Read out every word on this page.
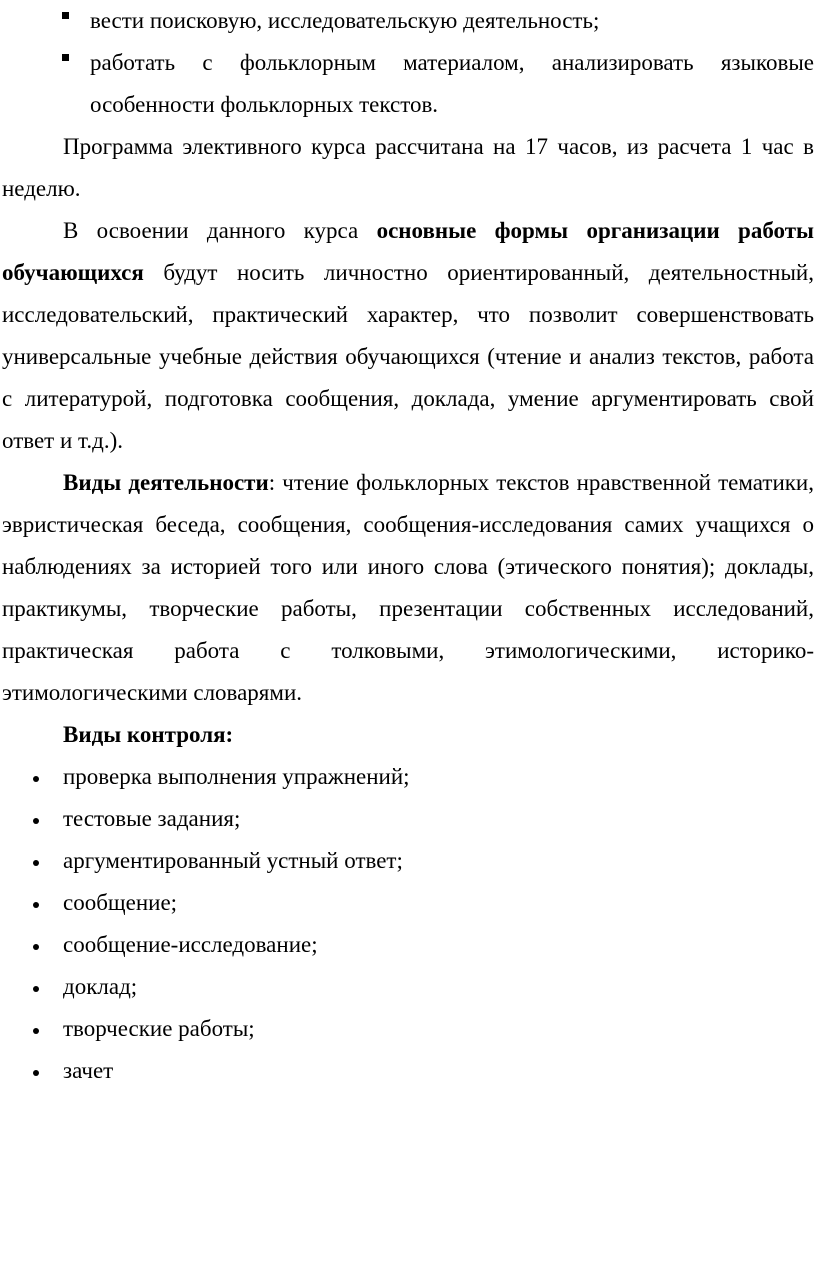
вести поисковую, исследовательскую деятельность;
работать с фольклорным материалом, анализировать языковые особенности фольклорных текстов.

Программа элективного курса рассчитана на 17 часов, из расчета 1 час в неделю.

В освоении данного курса основные формы организации работы обучающихся будут носить личностно ориентированный, деятельностный, исследовательский, практический характер, что позволит совершенствовать универсальные учебные действия обучающихся (чтение и анализ текстов, работа с литературой, подготовка сообщения, доклада, умение аргументировать свой ответ и т.д.).

Виды деятельности: чтение фольклорных текстов нравственной тематики, эвристическая беседа, сообщения, сообщения-исследования самих учащихся о наблюдениях за историей того или иного слова (этического понятия); доклады, практикумы, творческие работы, презентации собственных исследований, практическая работа с толковыми, этимологическими, историко-этимологическими словарями.

Виды контроля:

проверка выполнения упражнений;
тестовые задания;
аргументированный устный ответ;
сообщение;
сообщение-исследование;
доклад;
творческие работы;
зачет
